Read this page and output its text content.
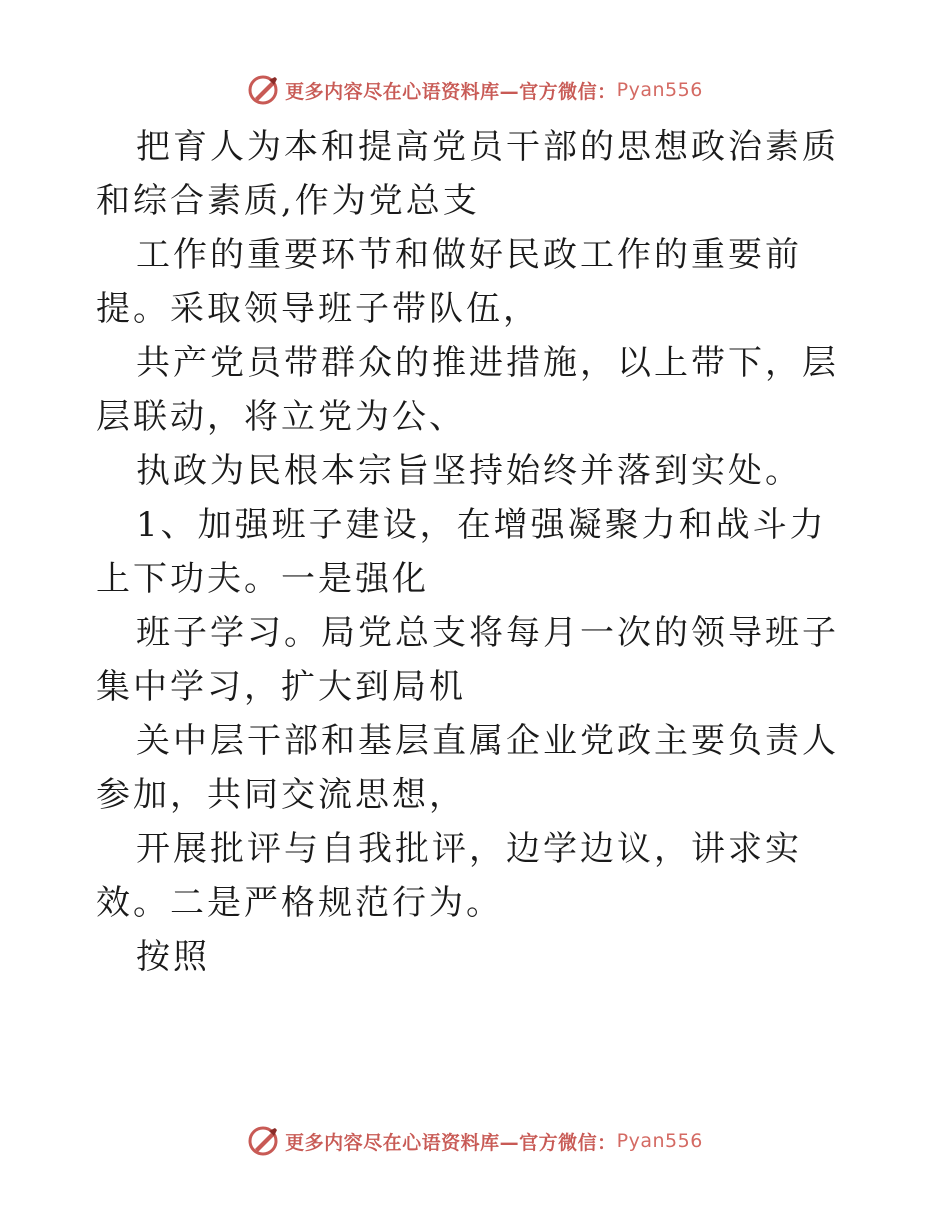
更多内容尽在心语资料库—官方微信： Pyan556

把育人为本和提高党员干部的思想政治素质和综合素质,作为党总支

工作的重要环节和做好民政工作的重要前提。采取领导班子带队伍，

共产党员带群众的推进措施，以上带下，层层联动，将立党为公、

执政为民根本宗旨坚持始终并落到实处。

1、加强班子建设，在增强凝聚力和战斗力上下功夫。一是强化

班子学习。局党总支将每月一次的领导班子集中学习，扩大到局机

关中层干部和基层直属企业党政主要负责人参加，共同交流思想，

开展批评与自我批评，边学边议，讲求实效。二是严格规范行为。

按照

更多内容尽在心语资料库—官方微信： Pyan556
